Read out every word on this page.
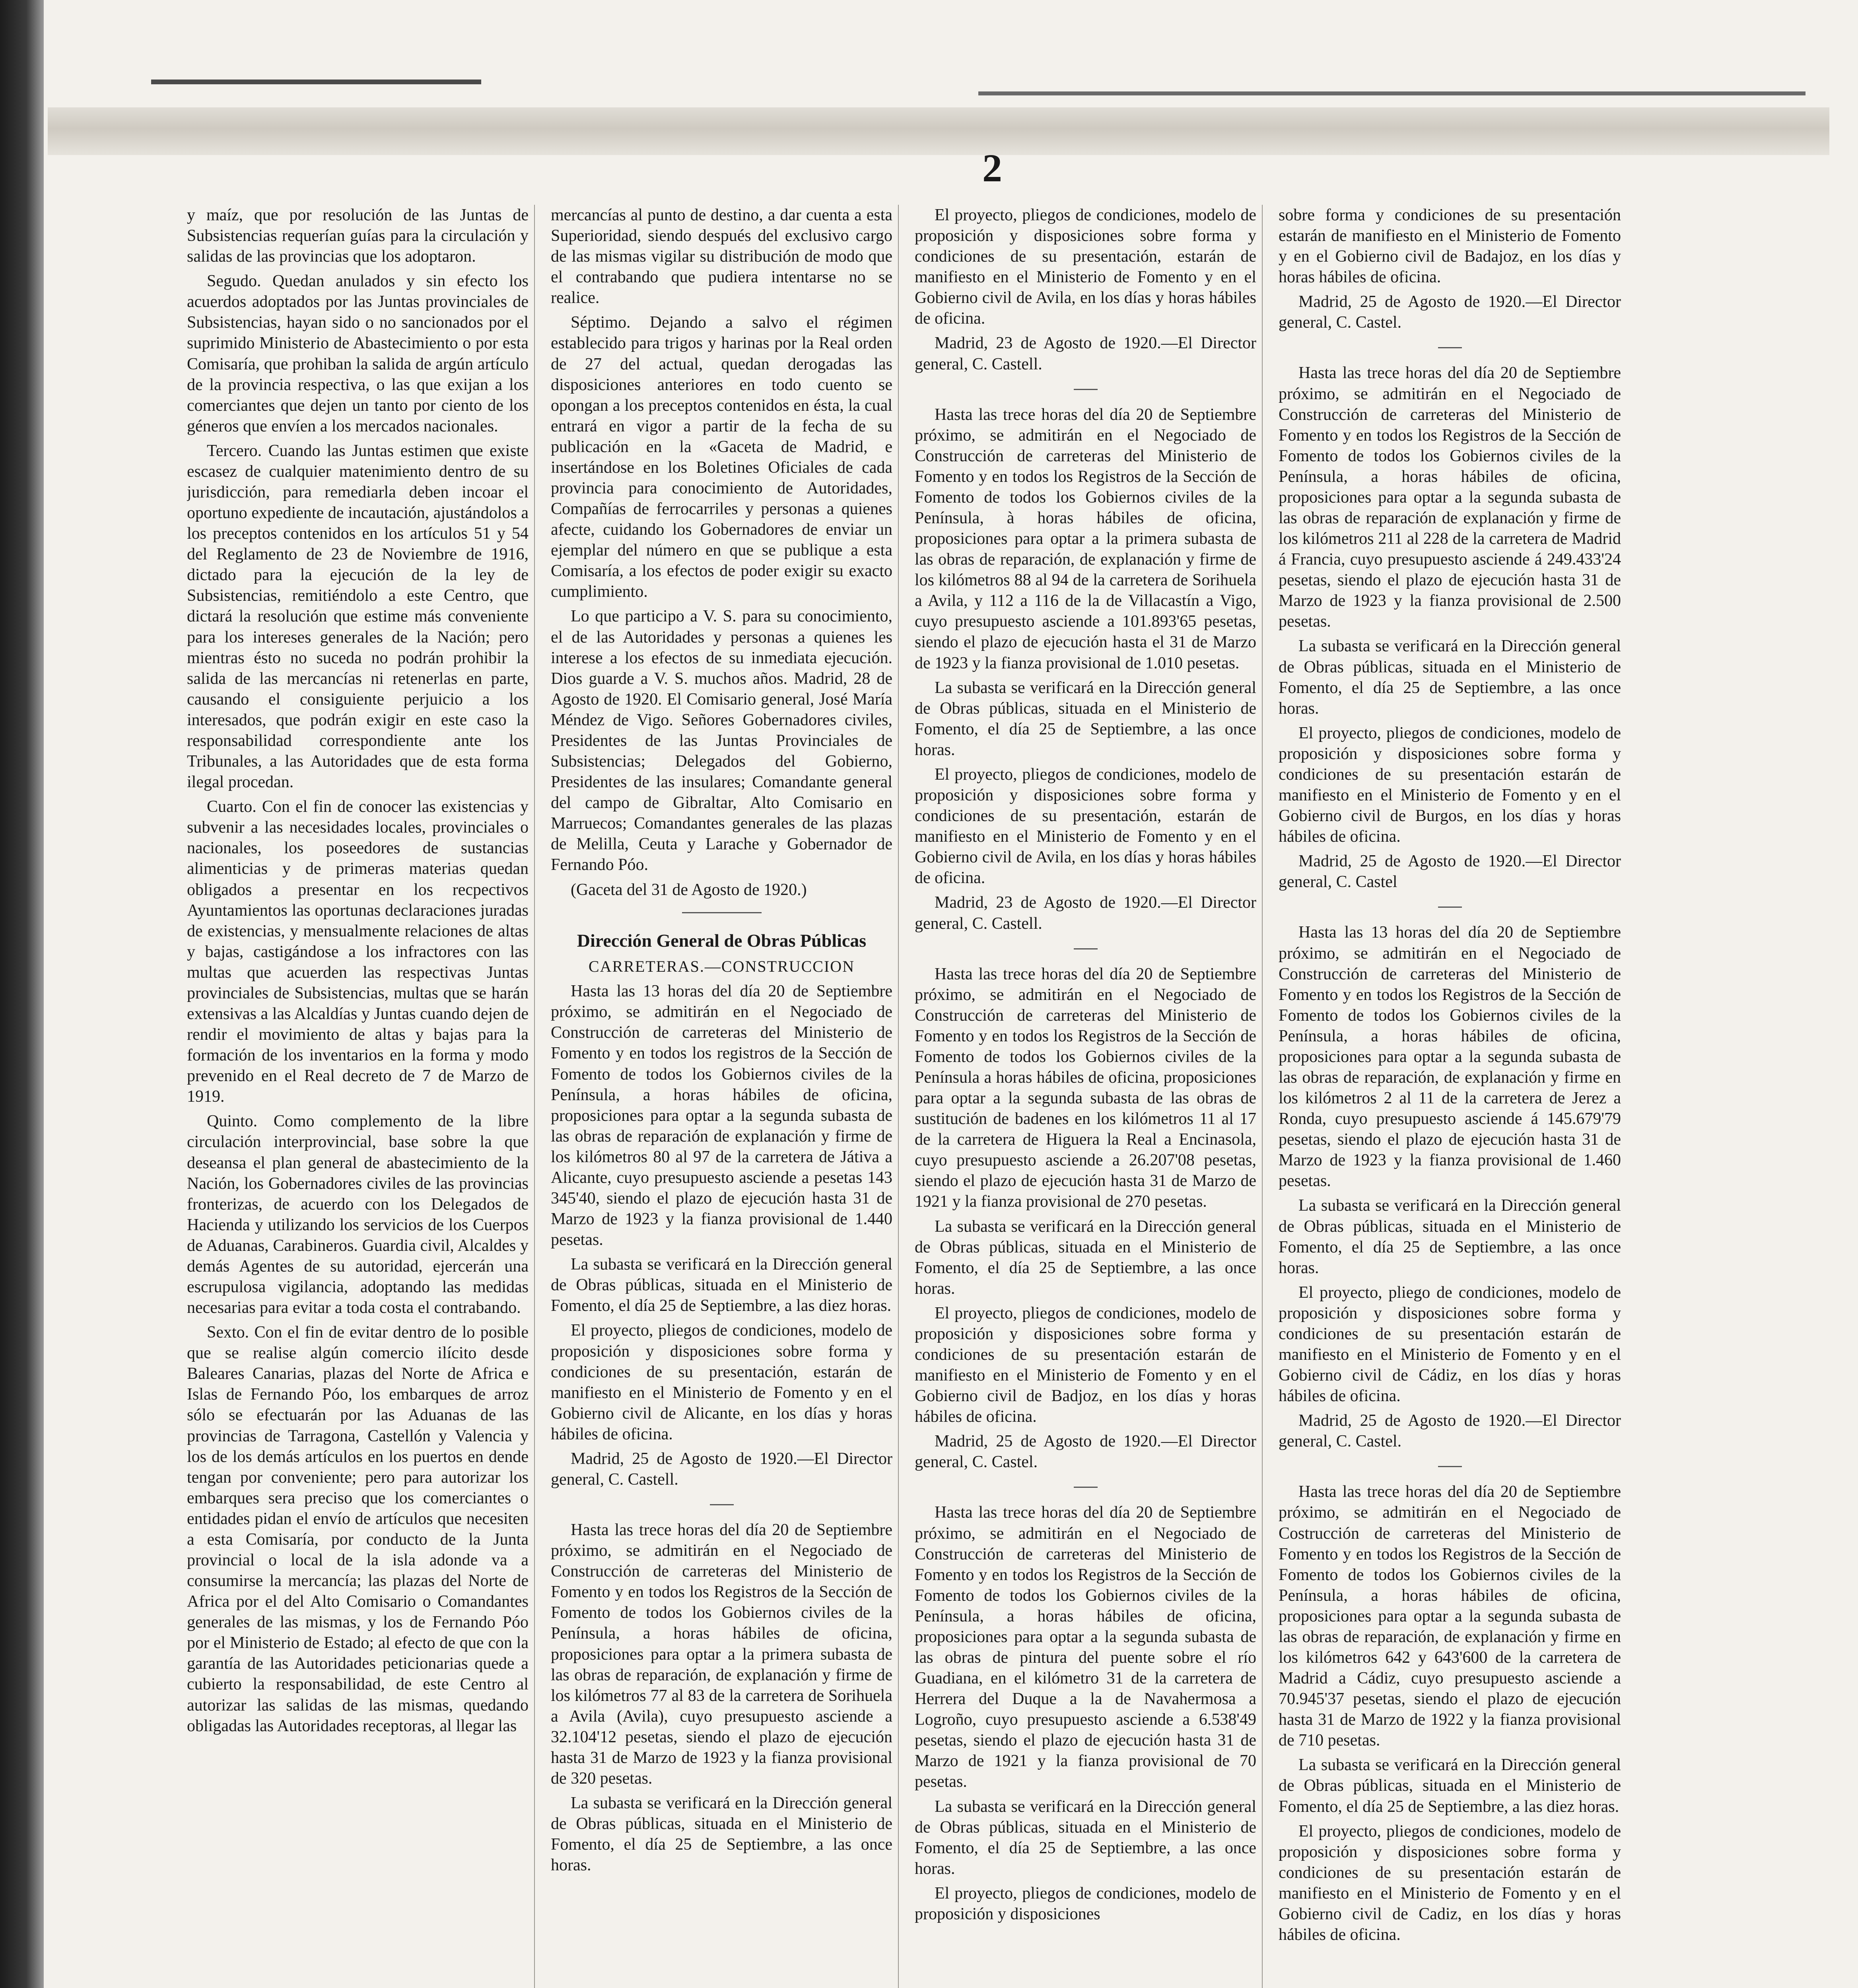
2

y maíz, que por resolución de las Juntas de Subsistencias requerían guías para la circulación y salidas de las provincias que los adoptaron.

Segudo. Quedan anulados y sin efecto los acuerdos adoptados por las Juntas provinciales de Subsistencias, hayan sido o no sancionados por el suprimido Ministerio de Abastecimiento o por esta Comisaría, que prohiban la salida de argún artículo de la provincia respectiva, o las que exijan a los comerciantes que dejen un tanto por ciento de los géneros que envíen a los mercados nacionales.

Tercero. Cuando las Juntas estimen que existe escasez de cualquier matenimiento dentro de su jurisdicción, para remediarla deben incoar el oportuno expediente de incautación, ajustándolos a los preceptos contenidos en los artículos 51 y 54 del Reglamento de 23 de Noviembre de 1916, dictado para la ejecución de la ley de Subsistencias, remitiéndolo a este Centro, que dictará la resolución que estime más conveniente para los intereses generales de la Nación; pero mientras ésto no suceda no podrán prohibir la salida de las mercancías ni retenerlas en parte, causando el consiguiente perjuicio a los interesados, que podrán exigir en este caso la responsabilidad correspondiente ante los Tribunales, a las Autoridades que de esta forma ilegal procedan.

Cuarto. Con el fin de conocer las existencias y subvenir a las necesidades locales, provinciales o nacionales, los poseedores de sustancias alimenticias y de primeras materias quedan obligados a presentar en los recpectivos Ayuntamientos las oportunas declaraciones juradas de existencias, y mensualmente relaciones de altas y bajas, castigándose a los infractores con las multas que acuerden las respectivas Juntas provinciales de Subsistencias, multas que se harán extensivas a las Alcaldías y Juntas cuando dejen de rendir el movimiento de altas y bajas para la formación de los inventarios en la forma y modo prevenido en el Real decreto de 7 de Marzo de 1919.

Quinto. Como complemento de la libre circulación interprovincial, base sobre la que deseansa el plan general de abastecimiento de la Nación, los Gobernadores civiles de las provincias fronterizas, de acuerdo con los Delegados de Hacienda y utilizando los servicios de los Cuerpos de Aduanas, Carabineros. Guardia civil, Alcaldes y demás Agentes de su autoridad, ejercerán una escrupulosa vigilancia, adoptando las medidas necesarias para evitar a toda costa el contrabando.

Sexto. Con el fin de evitar dentro de lo posible que se realise algún comercio ilícito desde Baleares Canarias, plazas del Norte de Africa e Islas de Fernando Póo, los embarques de arroz sólo se efectuarán por las Aduanas de las provincias de Tarragona, Castellón y Valencia y los de los demás artículos en los puertos en dende tengan por conveniente; pero para autorizar los embarques sera preciso que los comerciantes o entidades pidan el envío de artículos que necesiten a esta Comisaría, por conducto de la Junta provincial o local de la isla adonde va a consumirse la mercancía; las plazas del Norte de Africa por el del Alto Comisario o Comandantes generales de las mismas, y los de Fernando Póo por el Ministerio de Estado; al efecto de que con la garantía de las Autoridades peticionarias quede a cubierto la responsabilidad, de este Centro al autorizar las salidas de las mismas, quedando obligadas las Autoridades receptoras, al llegar las

mercancías al punto de destino, a dar cuenta a esta Superioridad, siendo después del exclusivo cargo de las mismas vigilar su distribución de modo que el contrabando que pudiera intentarse no se realice.

Séptimo. Dejando a salvo el régimen establecido para trigos y harinas por la Real orden de 27 del actual, quedan derogadas las disposiciones anteriores en todo cuento se opongan a los preceptos contenidos en ésta, la cual entrará en vigor a partir de la fecha de su publicación en la «Gaceta de Madrid, e insertándose en los Boletines Oficiales de cada provincia para conocimiento de Autoridades, Compañías de ferrocarriles y personas a quienes afecte, cuidando los Gobernadores de enviar un ejemplar del número en que se publique a esta Comisaría, a los efectos de poder exigir su exacto cumplimiento.

Lo que participo a V. S. para su conocimiento, el de las Autoridades y personas a quienes les interese a los efectos de su inmediata ejecución. Dios guarde a V. S. muchos años. Madrid, 28 de Agosto de 1920. El Comisario general, José María Méndez de Vigo. Señores Gobernadores civiles, Presidentes de las Juntas Provinciales de Subsistencias; Delegados del Gobierno, Presidentes de las insulares; Comandante general del campo de Gibraltar, Alto Comisario en Marruecos; Comandantes generales de las plazas de Melilla, Ceuta y Larache y Gobernador de Fernando Póo.

(Gaceta del 31 de Agosto de 1920.)

Dirección General de Obras Públicas

CARRETERAS.—CONSTRUCCION

Hasta las 13 horas del día 20 de Septiembre próximo, se admitirán en el Negociado de Construcción de carreteras del Ministerio de Fomento y en todos los registros de la Sección de Fomento de todos los Gobiernos civiles de la Península, a horas hábiles de oficina, proposiciones para optar a la segunda subasta de las obras de reparación de explanación y firme de los kilómetros 80 al 97 de la carretera de Játiva a Alicante, cuyo presupuesto asciende a pesetas 143 345'40, siendo el plazo de ejecución hasta 31 de Marzo de 1923 y la fianza provisional de 1.440 pesetas.

La subasta se verificará en la Dirección general de Obras públicas, situada en el Ministerio de Fomento, el día 25 de Septiembre, a las diez horas.

El proyecto, pliegos de condiciones, modelo de proposición y disposiciones sobre forma y condiciones de su presentación, estarán de manifiesto en el Ministerio de Fomento y en el Gobierno civil de Alicante, en los días y horas hábiles de oficina.

Madrid, 25 de Agosto de 1920.—El Director general, C. Castell.

Hasta las trece horas del día 20 de Septiembre próximo, se admitirán en el Negociado de Construcción de carreteras del Ministerio de Fomento y en todos los Registros de la Sección de Fomento de todos los Gobiernos civiles de la Península, a horas hábiles de oficina, proposiciones para optar a la primera subasta de las obras de reparación, de explanación y firme de los kilómetros 77 al 83 de la carretera de Sorihuela a Avila (Avila), cuyo presupuesto asciende a 32.104'12 pesetas, siendo el plazo de ejecución hasta 31 de Marzo de 1923 y la fianza provisional de 320 pesetas.

La subasta se verificará en la Dirección general de Obras públicas, situada en el Ministerio de Fomento, el día 25 de Septiembre, a las once horas.

El proyecto, pliegos de condiciones, modelo de proposición y disposiciones sobre forma y condiciones de su presentación, estarán de manifiesto en el Ministerio de Fomento y en el Gobierno civil de Avila, en los días y horas hábiles de oficina.

Madrid, 23 de Agosto de 1920.—El Director general, C. Castell.

Hasta las trece horas del día 20 de Septiembre próximo, se admitirán en el Negociado de Construcción de carreteras del Ministerio de Fomento y en todos los Registros de la Sección de Fomento de todos los Gobiernos civiles de la Península, à horas hábiles de oficina, proposiciones para optar a la primera subasta de las obras de reparación, de explanación y firme de los kilómetros 88 al 94 de la carretera de Sorihuela a Avila, y 112 a 116 de la de Villacastín a Vigo, cuyo presupuesto asciende a 101.893'65 pesetas, siendo el plazo de ejecución hasta el 31 de Marzo de 1923 y la fianza provisional de 1.010 pesetas.

La subasta se verificará en la Dirección general de Obras públicas, situada en el Ministerio de Fomento, el día 25 de Septiembre, a las once horas.

El proyecto, pliegos de condiciones, modelo de proposición y disposiciones sobre forma y condiciones de su presentación, estarán de manifiesto en el Ministerio de Fomento y en el Gobierno civil de Avila, en los días y horas hábiles de oficina.

Madrid, 23 de Agosto de 1920.—El Director general, C. Castell.

Hasta las trece horas del día 20 de Septiembre próximo, se admitirán en el Negociado de Construcción de carreteras del Ministerio de Fomento y en todos los Registros de la Sección de Fomento de todos los Gobiernos civiles de la Península a horas hábiles de oficina, proposiciones para optar a la segunda subasta de las obras de sustitución de badenes en los kilómetros 11 al 17 de la carretera de Higuera la Real a Encinasola, cuyo presupuesto asciende a 26.207'08 pesetas, siendo el plazo de ejecución hasta 31 de Marzo de 1921 y la fianza provisional de 270 pesetas.

La subasta se verificará en la Dirección general de Obras públicas, situada en el Ministerio de Fomento, el día 25 de Septiembre, a las once horas.

El proyecto, pliegos de condiciones, modelo de proposición y disposiciones sobre forma y condiciones de su presentación estarán de manifiesto en el Ministerio de Fomento y en el Gobierno civil de Badjoz, en los días y horas hábiles de oficina.

Madrid, 25 de Agosto de 1920.—El Director general, C. Castel.

Hasta las trece horas del día 20 de Septiembre próximo, se admitirán en el Negociado de Construcción de carreteras del Ministerio de Fomento y en todos los Registros de la Sección de Fomento de todos los Gobiernos civiles de la Península, a horas hábiles de oficina, proposiciones para optar a la segunda subasta de las obras de pintura del puente sobre el río Guadiana, en el kilómetro 31 de la carretera de Herrera del Duque a la de Navahermosa a Logroño, cuyo presupuesto asciende a 6.538'49 pesetas, siendo el plazo de ejecución hasta 31 de Marzo de 1921 y la fianza provisional de 70 pesetas.

La subasta se verificará en la Dirección general de Obras públicas, situada en el Ministerio de Fomento, el día 25 de Septiembre, a las once horas.

El proyecto, pliegos de condiciones, modelo de proposición y disposiciones

sobre forma y condiciones de su presentación estarán de manifiesto en el Ministerio de Fomento y en el Gobierno civil de Badajoz, en los días y horas hábiles de oficina.

Madrid, 25 de Agosto de 1920.—El Director general, C. Castel.

Hasta las trece horas del día 20 de Septiembre próximo, se admitirán en el Negociado de Construcción de carreteras del Ministerio de Fomento y en todos los Registros de la Sección de Fomento de todos los Gobiernos civiles de la Península, a horas hábiles de oficina, proposiciones para optar a la segunda subasta de las obras de reparación de explanación y firme de los kilómetros 211 al 228 de la carretera de Madrid á Francia, cuyo presupuesto asciende á 249.433'24 pesetas, siendo el plazo de ejecución hasta 31 de Marzo de 1923 y la fianza provisional de 2.500 pesetas.

La subasta se verificará en la Dirección general de Obras públicas, situada en el Ministerio de Fomento, el día 25 de Septiembre, a las once horas.

El proyecto, pliegos de condiciones, modelo de proposición y disposiciones sobre forma y condiciones de su presentación estarán de manifiesto en el Ministerio de Fomento y en el Gobierno civil de Burgos, en los días y horas hábiles de oficina.

Madrid, 25 de Agosto de 1920.—El Director general, C. Castel

Hasta las 13 horas del día 20 de Septiembre próximo, se admitirán en el Negociado de Construcción de carreteras del Ministerio de Fomento y en todos los Registros de la Sección de Fomento de todos los Gobiernos civiles de la Península, a horas hábiles de oficina, proposiciones para optar a la segunda subasta de las obras de reparación, de explanación y firme en los kilómetros 2 al 11 de la carretera de Jerez a Ronda, cuyo presupuesto asciende á 145.679'79 pesetas, siendo el plazo de ejecución hasta 31 de Marzo de 1923 y la fianza provisional de 1.460 pesetas.

La subasta se verificará en la Dirección general de Obras públicas, situada en el Ministerio de Fomento, el día 25 de Septiembre, a las once horas.

El proyecto, pliego de condiciones, modelo de proposición y disposiciones sobre forma y condiciones de su presentación estarán de manifiesto en el Ministerio de Fomento y en el Gobierno civil de Cádiz, en los días y horas hábiles de oficina.

Madrid, 25 de Agosto de 1920.—El Director general, C. Castel.

Hasta las trece horas del día 20 de Septiembre próximo, se admitirán en el Negociado de Costrucción de carreteras del Ministerio de Fomento y en todos los Registros de la Sección de Fomento de todos los Gobiernos civiles de la Península, a horas hábiles de oficina, proposiciones para optar a la segunda subasta de las obras de reparación, de explanación y firme en los kilómetros 642 y 643'600 de la carretera de Madrid a Cádiz, cuyo presupuesto asciende a 70.945'37 pesetas, siendo el plazo de ejecución hasta 31 de Marzo de 1922 y la fianza provisional de 710 pesetas.

La subasta se verificará en la Dirección general de Obras públicas, situada en el Ministerio de Fomento, el día 25 de Septiembre, a las diez horas.

El proyecto, pliegos de condiciones, modelo de proposición y disposiciones sobre forma y condiciones de su presentación estarán de manifiesto en el Ministerio de Fomento y en el Gobierno civil de Cadiz, en los días y horas hábiles de oficina.
